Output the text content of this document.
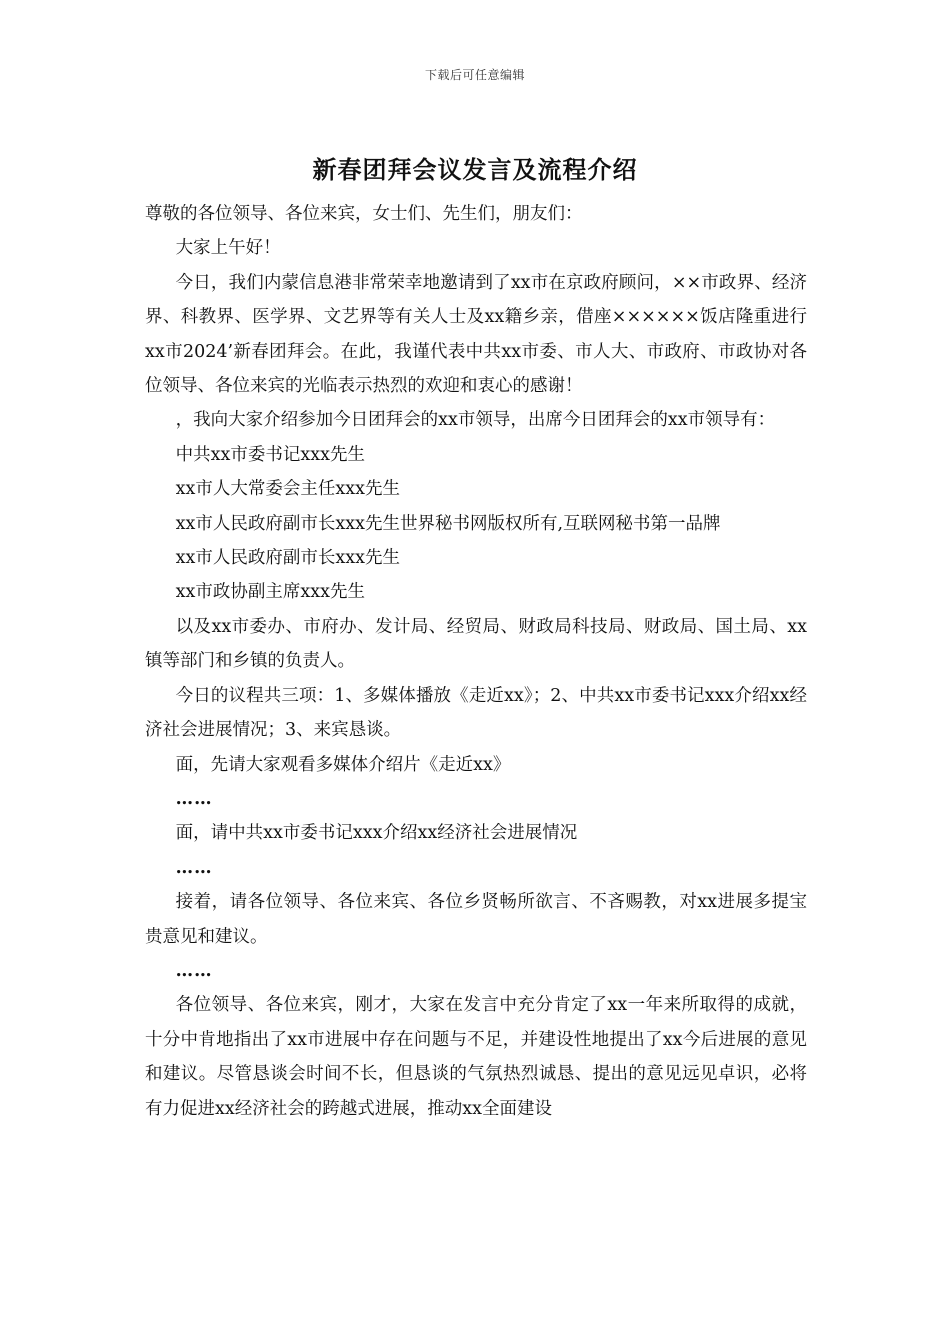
下载后可任意编辑
新春团拜会议发言及流程介绍

尊敬的各位领导、各位来宾，女士们、先生们，朋友们：

大家上午好！

今日，我们内蒙信息港非常荣幸地邀请到了xx市在京政府顾问，××市政界、经济界、科教界、医学界、文艺界等有关人士及xx籍乡亲，借座××××××饭店隆重进行xx市2024’新春团拜会。在此，我谨代表中共xx市委、市人大、市政府、市政协对各位领导、各位来宾的光临表示热烈的欢迎和衷心的感谢！

，我向大家介绍参加今日团拜会的xx市领导，出席今日团拜会的xx市领导有：

中共xx市委书记xxx先生

xx市人大常委会主任xxx先生

xx市人民政府副市长xxx先生世界秘书网版权所有,互联网秘书第一品牌

xx市人民政府副市长xxx先生

xx市政协副主席xxx先生

以及xx市委办、市府办、发计局、经贸局、财政局科技局、财政局、国土局、xx镇等部门和乡镇的负责人。

今日的议程共三项：1、多媒体播放《走近xx》；2、中共xx市委书记xxx介绍xx经济社会进展情况；3、来宾恳谈。

面，先请大家观看多媒体介绍片《走近xx》

……

面，请中共xx市委书记xxx介绍xx经济社会进展情况

……

接着，请各位领导、各位来宾、各位乡贤畅所欲言、不吝赐教，对xx进展多提宝贵意见和建议。

……

各位领导、各位来宾，刚才，大家在发言中充分肯定了xx一年来所取得的成就，十分中肯地指出了xx市进展中存在问题与不足，并建设性地提出了xx今后进展的意见和建议。尽管恳谈会时间不长，但恳谈的气氛热烈诚恳、提出的意见远见卓识，必将有力促进xx经济社会的跨越式进展，推动xx全面建设
